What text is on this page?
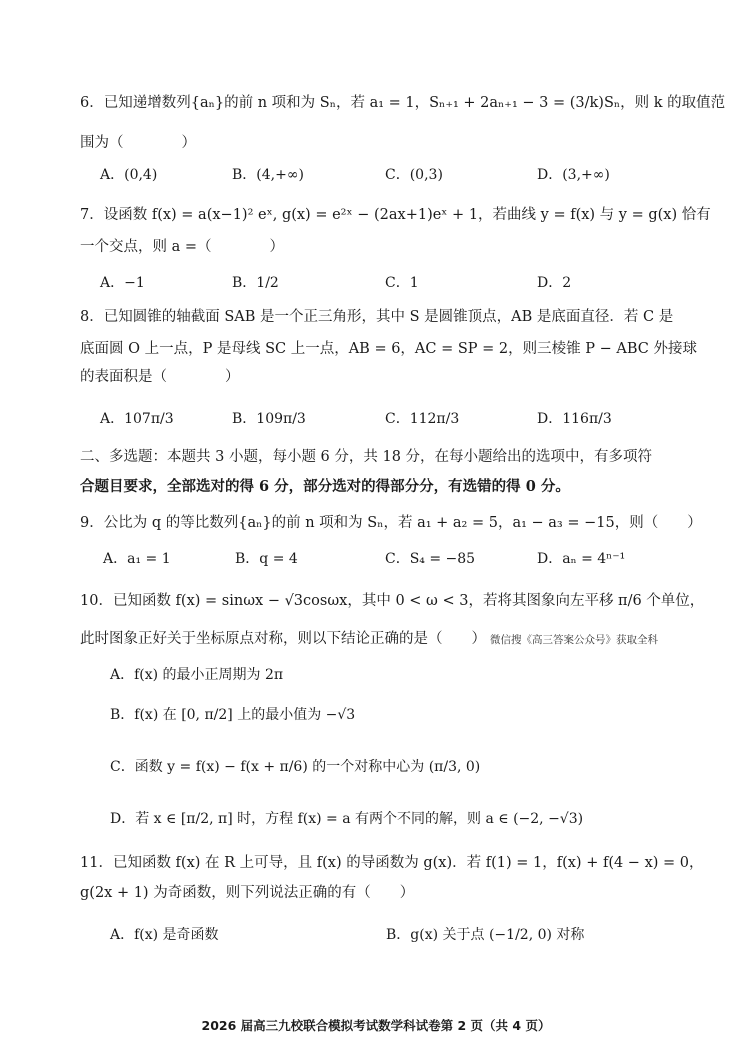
6．已知递增数列{aₙ}的前 n 项和为 Sₙ，若 a₁ = 1，Sₙ₊₁ + 2aₙ₊₁ − 3 = (3/k)Sₙ，则 k 的取值范
围为（　　　　）
A．(0,4)	B．(4,+∞)	C．(0,3)	D．(3,+∞)
7．设函数 f(x) = a(x−1)² eˣ, g(x) = e²ˣ − (2ax+1)eˣ + 1，若曲线 y = f(x) 与 y = g(x) 恰有
一个交点，则 a =（　　　　）
A．−1	B．1/2	C．1	D．2
8．已知圆锥的轴截面 SAB 是一个正三角形，其中 S 是圆锥顶点，AB 是底面直径．若 C 是
底面圆 O 上一点，P 是母线 SC 上一点，AB = 6，AC = SP = 2，则三棱锥 P − ABC 外接球
的表面积是（　　　　）
A．107π/3	B．109π/3	C．112π/3	D．116π/3
二、多选题：本题共 3 小题，每小题 6 分，共 18 分，在每小题给出的选项中，有多项符
合题目要求，全部选对的得 6 分，部分选对的得部分分，有选错的得 0 分。
9．公比为 q 的等比数列{aₙ}的前 n 项和为 Sₙ，若 a₁ + a₂ = 5，a₁ − a₃ = −15，则（　　）
A．a₁ = 1	B．q = 4	C．S₄ = −85	D．aₙ = 4ⁿ⁻¹
10．已知函数 f(x) = sinωx − √3cosωx，其中 0 < ω < 3，若将其图象向左平移 π/6 个单位，
此时图象正好关于坐标原点对称，则以下结论正确的是（　　） 微信搜《高三答案公众号》获取全科
A．f(x) 的最小正周期为 2π
B．f(x) 在 [0, π/2] 上的最小值为 −√3
C．函数 y = f(x) − f(x + π/6) 的一个对称中心为 (π/3, 0)
D．若 x ∈ [π/2, π] 时，方程 f(x) = a 有两个不同的解，则 a ∈ (−2, −√3)
11．已知函数 f(x) 在 R 上可导，且 f(x) 的导函数为 g(x)．若 f(1) = 1，f(x) + f(4 − x) = 0，
g(2x + 1) 为奇函数，则下列说法正确的有（　　）
A．f(x) 是奇函数	B．g(x) 关于点 (−1/2, 0) 对称
2026 届高三九校联合模拟考试数学科试卷第 2 页（共 4 页）
